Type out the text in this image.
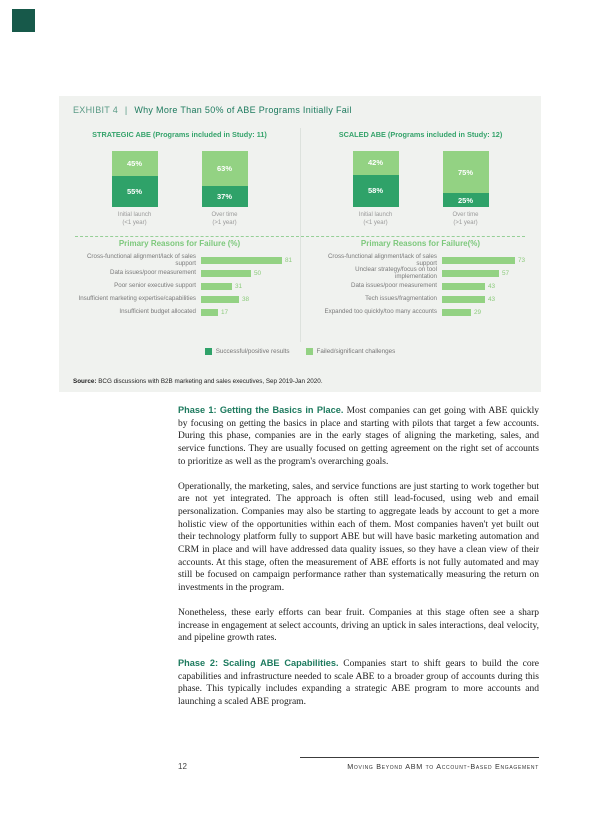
EXHIBIT 4 | Why More Than 50% of ABE Programs Initially Fail
STRATEGIC ABE (Programs included in Study: 11)
45%
55%
Initial launch
(<1 year)
63%
37%
Over time
(>1 year)
Primary Reasons for Failure (%)
Cross-functional alignment/lack of sales support	81
Data issues/poor measurement	50
Poor senior executive support	31
Insufficient marketing expertise/capabilities	38
Insufficient budget allocated	17
SCALED ABE (Programs included in Study: 12)
42%
58%
Initial launch
(<1 year)
75%
25%
Over time
(>1 year)
Primary Reasons for Failure(%)
Cross-functional alignment/lack of sales support	73
Unclear strategy/focus on tool implementation	57
Data issues/poor measurement	43
Tech issues/fragmentation	43
Expanded too quickly/too many accounts	29
Successful/positive results	Failed/significant challenges
Source: BCG discussions with B2B marketing and sales executives, Sep 2019-Jan 2020.

Phase 1: Getting the Basics in Place. Most companies can get going with ABE quickly by focusing on getting the basics in place and starting with pilots that target a few accounts. During this phase, companies are in the early stages of aligning the marketing, sales, and service functions. They are usually focused on getting agreement on the right set of accounts to prioritize as well as the program's overarching goals.

Operationally, the marketing, sales, and service functions are just starting to work together but are not yet integrated. The approach is often still lead-focused, using web and email personalization. Companies may also be starting to aggregate leads by account to get a more holistic view of the opportunities within each of them. Most companies haven't yet built out their technology platform fully to support ABE but will have basic marketing automation and CRM in place and will have addressed data quality issues, so they have a clean view of their accounts. At this stage, often the measurement of ABE efforts is not fully automated and may still be focused on campaign performance rather than systematically measuring the return on investments in the program.

Nonetheless, these early efforts can bear fruit. Companies at this stage often see a sharp increase in engagement at select accounts, driving an uptick in sales interactions, deal velocity, and pipeline growth rates.

Phase 2: Scaling ABE Capabilities. Companies start to shift gears to build the core capabilities and infrastructure needed to scale ABE to a broader group of accounts during this phase. This typically includes expanding a strategic ABE program to more accounts and launching a scaled ABE program.

12	Moving Beyond ABM to Account-Based Engagement
